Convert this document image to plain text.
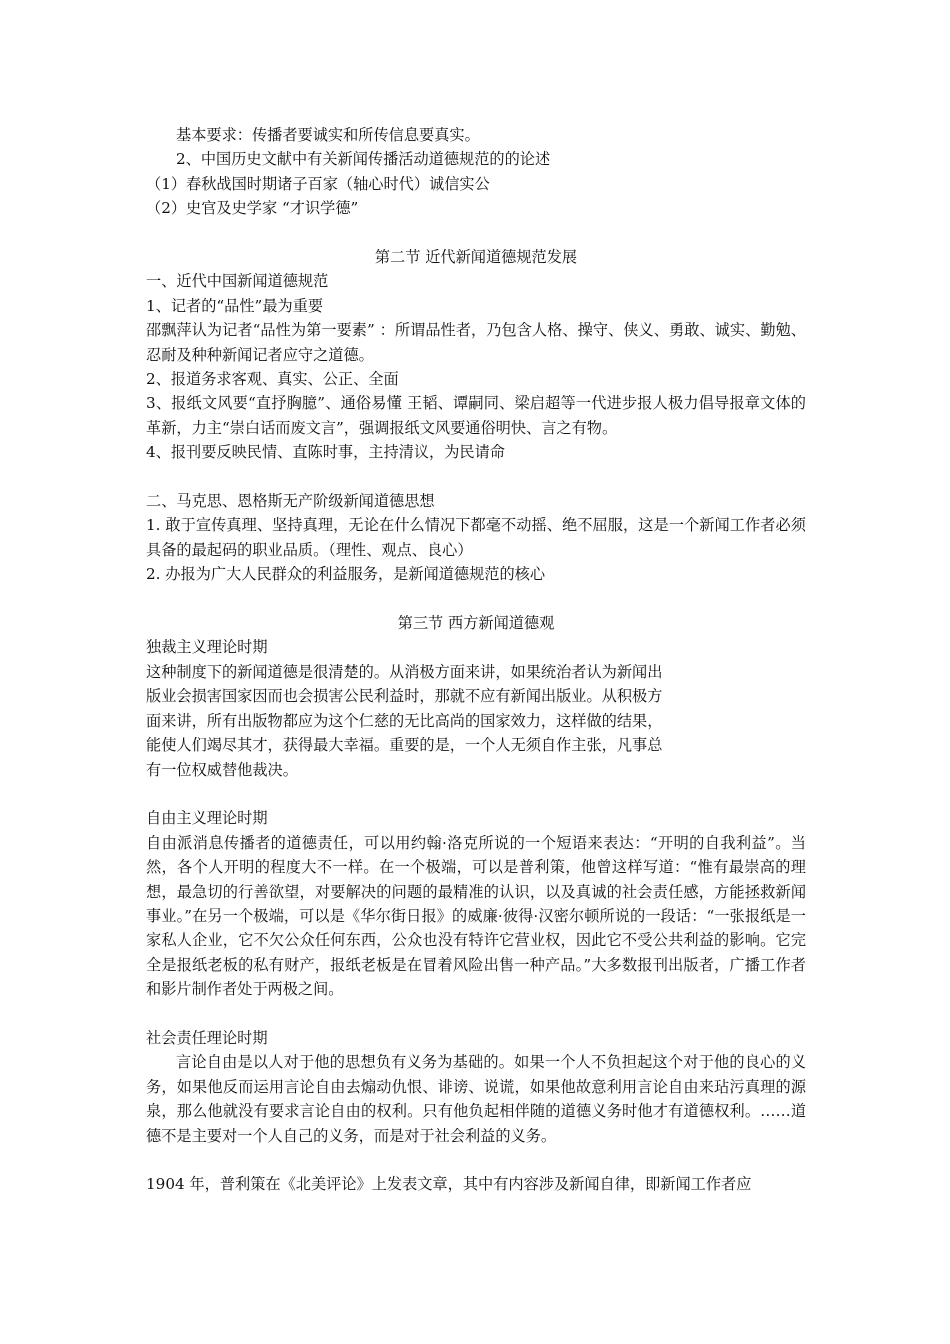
基本要求：传播者要诚实和所传信息要真实。

2、中国历史文献中有关新闻传播活动道德规范的的论述

（1）春秋战国时期诸子百家（轴心时代）诚信实公

（2）史官及史学家 “才识学德”

第二节 近代新闻道德规范发展

一、近代中国新闻道德规范

1、记者的“品性”最为重要

邵飘萍认为记者“品性为第一要素” ：所谓品性者，乃包含人格、操守、侠义、勇敢、诚实、勤勉、忍耐及种种新闻记者应守之道德。

2、报道务求客观、真实、公正、全面

3、报纸文风要“直抒胸臆”、通俗易懂 王韬、谭嗣同、梁启超等一代进步报人极力倡导报章文体的革新，力主“崇白话而废文言”，强调报纸文风要通俗明快、言之有物。

4、报刊要反映民情、直陈时事，主持清议，为民请命

二、马克思、恩格斯无产阶级新闻道德思想

1. 敢于宣传真理、坚持真理，无论在什么情况下都毫不动摇、绝不屈服，这是一个新闻工作者必须具备的最起码的职业品质。（理性、观点、良心）

2. 办报为广大人民群众的利益服务，是新闻道德规范的核心

第三节 西方新闻道德观

独裁主义理论时期

这种制度下的新闻道德是很清楚的。从消极方面来讲，如果统治者认为新闻出版业会损害国家因而也会损害公民利益时，那就不应有新闻出版业。从积极方面来讲，所有出版物都应为这个仁慈的无比高尚的国家效力，这样做的结果，能使人们竭尽其才，获得最大幸福。重要的是，一个人无须自作主张，凡事总有一位权威替他裁决。

自由主义理论时期

自由派消息传播者的道德责任，可以用约翰·洛克所说的一个短语来表达：“开明的自我利益”。当然，各个人开明的程度大不一样。在一个极端，可以是普利策，他曾这样写道：“惟有最崇高的理想，最急切的行善欲望，对要解决的问题的最精准的认识，以及真诚的社会责任感，方能拯救新闻事业。”在另一个极端，可以是《华尔街日报》的威廉·彼得·汉密尔顿所说的一段话：“一张报纸是一家私人企业，它不欠公众任何东西，公众也没有特许它营业权，因此它不受公共利益的影响。它完全是报纸老板的私有财产，报纸老板是在冒着风险出售一种产品。”大多数报刊出版者，广播工作者和影片制作者处于两极之间。

社会责任理论时期

言论自由是以人对于他的思想负有义务为基础的。如果一个人不负担起这个对于他的良心的义务，如果他反而运用言论自由去煽动仇恨、诽谤、说谎，如果他故意利用言论自由来玷污真理的源泉，那么他就没有要求言论自由的权利。只有他负起相伴随的道德义务时他才有道德权利。……道德不是主要对一个人自己的义务，而是对于社会利益的义务。

1904 年，普利策在《北美评论》上发表文章，其中有内容涉及新闻自律，即新闻工作者应
